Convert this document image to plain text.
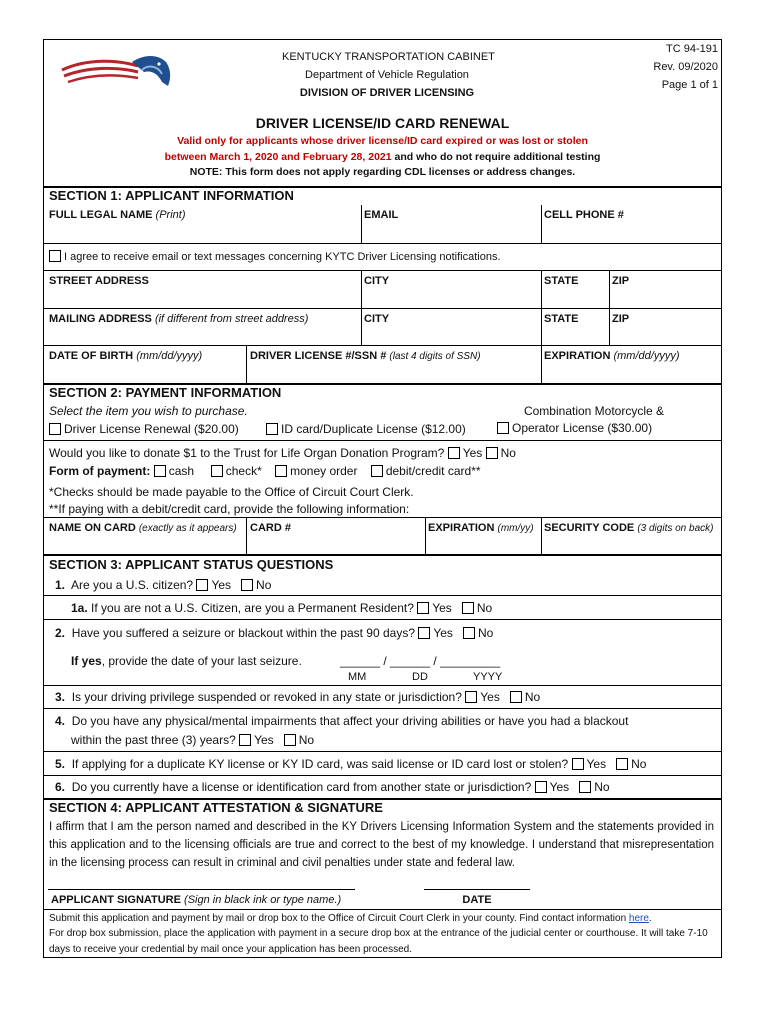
KENTUCKY TRANSPORTATION CABINET
Department of Vehicle Regulation
DIVISION OF DRIVER LICENSING
TC 94-191
Rev. 09/2020
Page 1 of 1
DRIVER LICENSE/ID CARD RENEWAL
Valid only for applicants whose driver license/ID card expired or was lost or stolen
between March 1, 2020 and February 28, 2021 and who do not require additional testing
NOTE: This form does not apply regarding CDL licenses or address changes.
SECTION 1: APPLICANT INFORMATION
FULL LEGAL NAME (Print)	EMAIL	CELL PHONE #
I agree to receive email or text messages concerning KYTC Driver Licensing notifications.
STREET ADDRESS	CITY	STATE	ZIP
MAILING ADDRESS (if different from street address)	CITY	STATE	ZIP
DATE OF BIRTH (mm/dd/yyyy)	DRIVER LICENSE #/SSN # (last 4 digits of SSN)	EXPIRATION (mm/dd/yyyy)
SECTION 2: PAYMENT INFORMATION
Select the item you wish to purchase.
Driver License Renewal ($20.00)	ID card/Duplicate License ($12.00)
Combination Motorcycle &
Operator License ($30.00)
Would you like to donate $1 to the Trust for Life Organ Donation Program? Yes No
Form of payment: cash	check* money order debit/credit card**
*Checks should be made payable to the Office of Circuit Court Clerk.
**If paying with a debit/credit card, provide the following information:
NAME ON CARD (exactly as it appears) CARD #	EXPIRATION (mm/yy) SECURITY CODE (3 digits on back)
SECTION 3: APPLICANT STATUS QUESTIONS
1. Are you a U.S. citizen? Yes No
1a. If you are not a U.S. Citizen, are you a Permanent Resident? Yes No
2. Have you suffered a seizure or blackout within the past 90 days? Yes No
If yes, provide the date of your last seizure.	______ / ______ / _________
MM	DD	YYYY
3. Is your driving privilege suspended or revoked in any state or jurisdiction? Yes No
4. Do you have any physical/mental impairments that affect your driving abilities or have you had a blackout
within the past three (3) years? Yes No
5. If applying for a duplicate KY license or KY ID card, was said license or ID card lost or stolen? Yes No
6. Do you currently have a license or identification card from another state or jurisdiction? Yes No
SECTION 4: APPLICANT ATTESTATION & SIGNATURE
I affirm that I am the person named and described in the KY Drivers Licensing Information System and the statements provided in this application and to the licensing officials are true and correct to the best of my knowledge. I understand that misrepresentation in the licensing process can result in criminal and civil penalties under state and federal law.
APPLICANT SIGNATURE (Sign in black ink or type name.)	DATE
Submit this application and payment by mail or drop box to the Office of Circuit Court Clerk in your county. Find contact information here.
For drop box submission, place the application with payment in a secure drop box at the entrance of the judicial center or courthouse. It will take 7-10 days to receive your credential by mail once your application has been processed.
